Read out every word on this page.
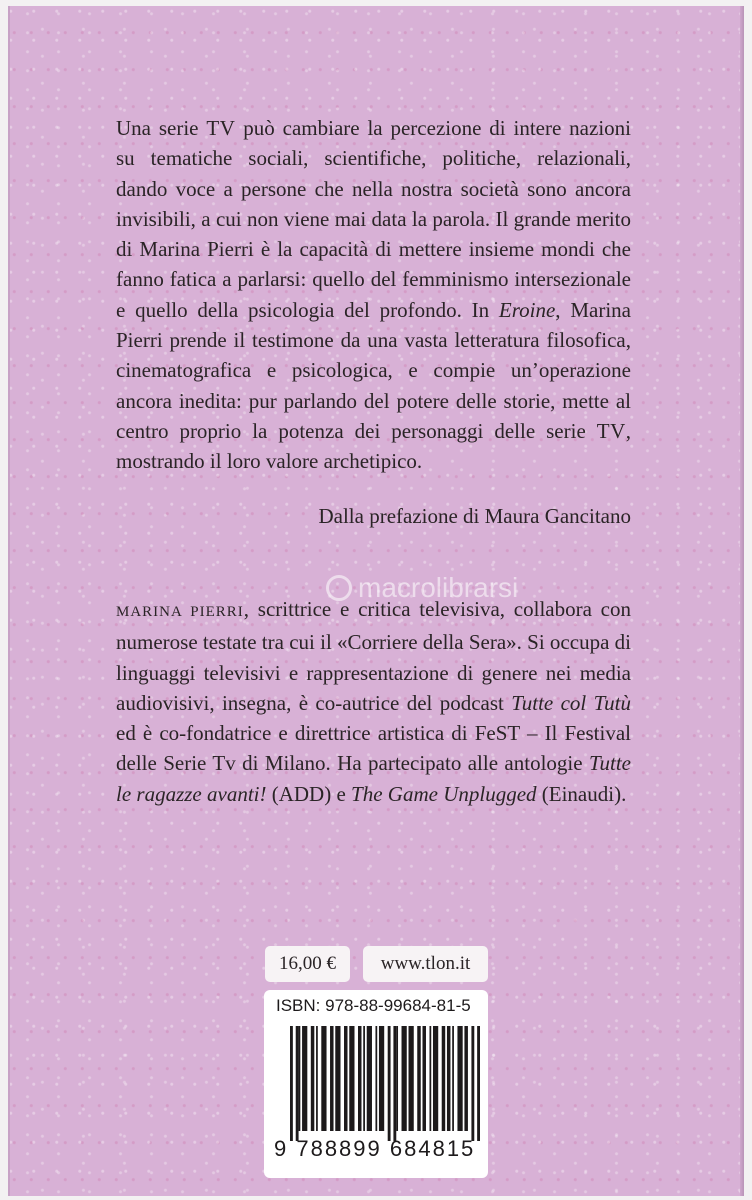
Una serie TV può cambiare la percezione di intere nazioni su tematiche sociali, scientifiche, politiche, relazionali, dando voce a persone che nella nostra società sono ancora invisibili, a cui non viene mai data la parola. Il grande merito di Marina Pierri è la capacità di mettere insieme mondi che fanno fatica a parlarsi: quello del femminismo intersezionale e quello della psicologia del profondo. In Eroine, Marina Pierri prende il testimone da una vasta letteratura filosofica, cinematografica e psicologica, e compie un’operazione ancora inedita: pur parlando del potere delle storie, mette al centro proprio la potenza dei personaggi delle serie TV, mostrando il loro valore archetipico.
Dalla prefazione di Maura Gancitano
macrolibrarsi
MARINA PIERRI, scrittrice e critica televisiva, collabora con numerose testate tra cui il «Corriere della Sera». Si occupa di linguaggi televisivi e rappresentazione di genere nei media audiovisivi, insegna, è co-autrice del podcast Tutte col Tutù ed è co-fondatrice e direttrice artistica di FeST – Il Festival delle Serie Tv di Milano. Ha partecipato alle antologie Tutte le ragazze avanti! (ADD) e The Game Unplugged (Einaudi).
16,00 €	www.tlon.it
ISBN: 978-88-99684-81-5
9 788899 684815
